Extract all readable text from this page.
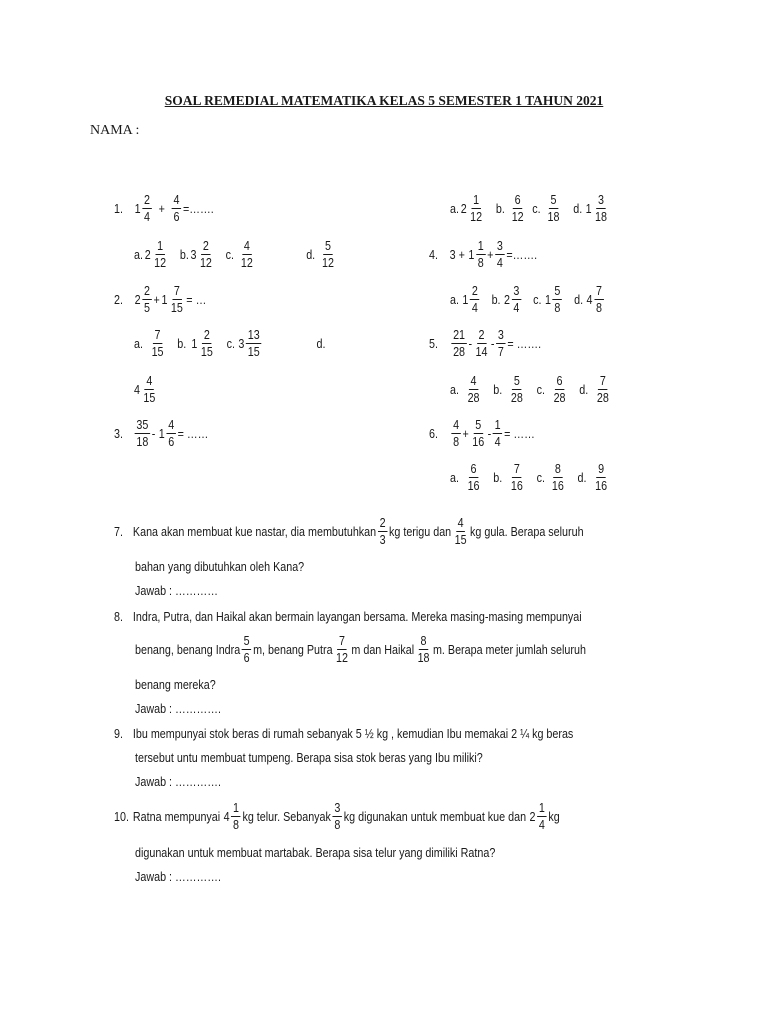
SOAL REMEDIAL MATEMATIKA KELAS 5 SEMESTER 1 TAHUN 2021
NAMA :
1. $1 \frac{2}{4} + \frac{4}{6}$ =…….
a. $2 \frac{1}{12} b$. $3 \frac{2}{12} c$. $\frac{4}{12}$	d. $\frac{5}{12}$
2. $2 \frac{2}{5} + 1 \frac{7}{15}$ = …
a. $\frac{7}{15} b$. $1 \frac{2}{15} c$. $3 \frac{13}{15}$	d.
$4 \frac{4}{15}$
3. $\frac{35}{18} - 1 \frac{4}{6}$ = ……
a. $2 \frac{1}{12} b$. $\frac{6}{12} c$. $\frac{5}{18} d$. $1 \frac{3}{18}$
4. $3 + 1 \frac{1}{8} + \frac{3}{4}$ =…….
a. $1 \frac{2}{4} b$. $2 \frac{3}{4} c$. $1 \frac{5}{8} d$. $4 \frac{7}{8}$
5.	$\frac{21}{28} - \frac{2}{14} - \frac{3}{7}$ = …….
a. $\frac{4}{28} b$. $\frac{5}{28} c$. $\frac{6}{28} d$. $\frac{7}{28}$
6.	$\frac{4}{8} + \frac{5}{16} - \frac{1}{4}$ = ……
a. $\frac{6}{16} b$. $\frac{7}{16} c$. $\frac{8}{16} d$. $\frac{9}{16}$
7. Kana akan membuat kue nastar, dia membutuhkan $\frac{2}{3}$ kg terigu dan $\frac{4}{15}$ kg gula. Berapa seluruh
bahan yang dibutuhkan oleh Kana?
Jawab : …………
8. Indra, Putra, dan Haikal akan bermain layangan bersama. Mereka masing-masing mempunyai
benang, benang Indra $\frac{5}{6} m$, benang Putra $\frac{7}{12}$ m dan Haikal $\frac{8}{18} m$. Berapa meter jumlah seluruh
benang mereka?
Jawab : ………….
9. Ibu mempunyai stok beras di rumah sebanyak 5 ½ kg , kemudian Ibu memakai 2 ¼ kg beras
tersebut untu membuat tumpeng. Berapa sisa stok beras yang Ibu miliki?
Jawab : ………….
10. Ratna mempunyai $4 \frac{1}{8}$ kg telur. Sebanyak $\frac{3}{8}$ kg digunakan untuk membuat kue dan $2 \frac{1}{4}$ kg
digunakan untuk membuat martabak. Berapa sisa telur yang dimiliki Ratna?
Jawab : ………….
